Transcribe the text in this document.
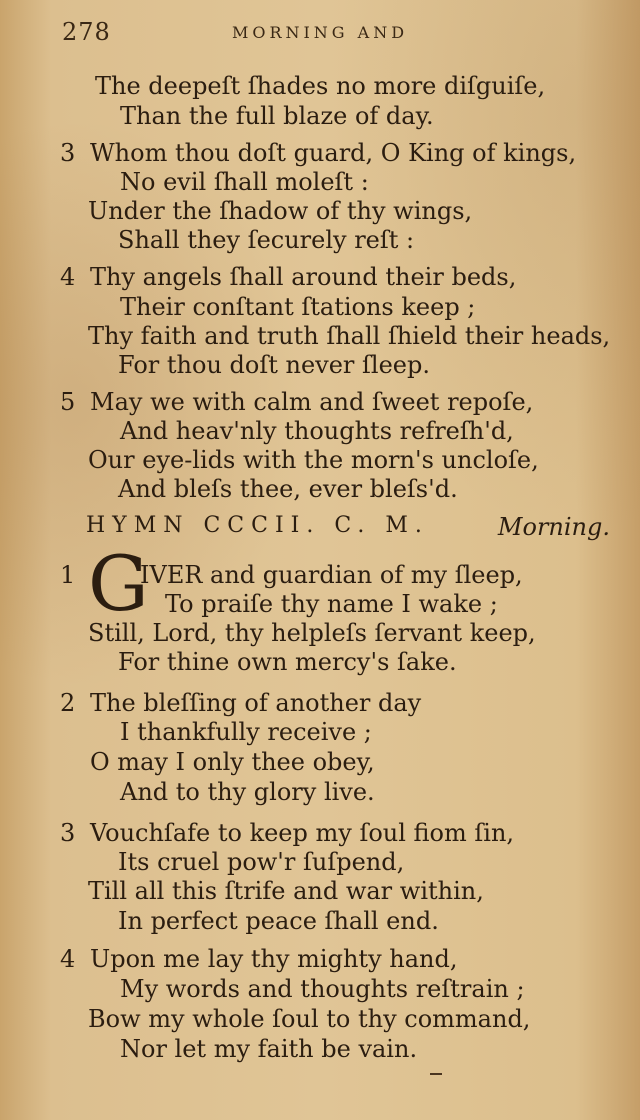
278	MORNING AND
The deepeſt ſhades no more diſguiſe,
Than the full blaze of day.
3 Whom thou doſt guard, O King of kings,
No evil ſhall moleſt :
Under the ſhadow of thy wings,
Shall they ſecurely reſt :
4 Thy angels ſhall around their beds,
Their conſtant ſtations keep ;
Thy faith and truth ſhall ſhield their heads,
For thou doſt never ſleep.
5 May we with calm and ſweet repoſe,
And heav'nly thoughts refreſh'd,
Our eye-lids with the morn's uncloſe,
And bleſs thee, ever bleſs'd.
HYMN CCCII. C. M.	Morning.
1 G
IVER and guardian of my ſleep,
To praiſe thy name I wake ;
Still, Lord, thy helpleſs ſervant keep,
For thine own mercy's ſake.
2 The bleſſing of another day
I thankfully receive ;
O may I only thee obey,
And to thy glory live.
3 Vouchſafe to keep my ſoul fiom ſin,
Its cruel pow'r ſuſpend,
Till all this ſtrife and war within,
In perfect peace ſhall end.
4 Upon me lay thy mighty hand,
My words and thoughts reſtrain ;
Bow my whole ſoul to thy command,
Nor let my faith be vain.
